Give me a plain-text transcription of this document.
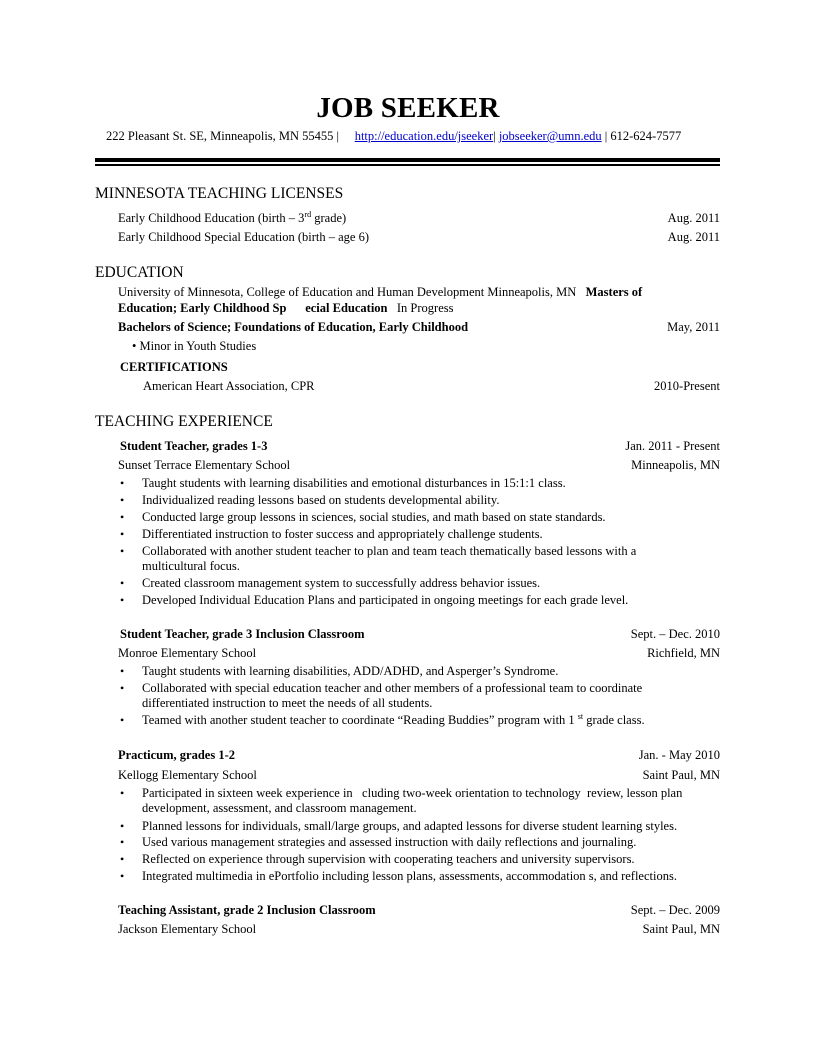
JOB SEEKER
222 Pleasant St. SE, Minneapolis, MN 55455 | http://education.edu/jseeker| jobseeker@umn.edu | 612-624-7577
MINNESOTA TEACHING LICENSES
Early Childhood Education (birth – 3rd grade)	Aug. 2011
Early Childhood Special Education (birth – age 6)	Aug. 2011
EDUCATION
University of Minnesota, College of Education and Human Development Minneapolis, MN Masters of
Education; Early Childhood Sp      ecial Education In Progress
Bachelors of Science; Foundations of Education, Early Childhood	May, 2011
• Minor in Youth Studies
CERTIFICATIONS
American Heart Association, CPR	2010-Present
TEACHING EXPERIENCE
Student Teacher, grades 1-3	Jan. 2011 - Present
Sunset Terrace Elementary School	Minneapolis, MN
• Taught students with learning disabilities and emotional disturbances in 15:1:1 class.
• Individualized reading lessons based on students developmental ability.
• Conducted large group lessons in sciences, social studies, and math based on state standards.
• Differentiated instruction to foster success and appropriately challenge students.
• Collaborated with another student teacher to plan and team teach thematically based lessons with a
multicultural focus.
• Created classroom management system to successfully address behavior issues.
• Developed Individual Education Plans and participated in ongoing meetings for each grade level.
Student Teacher, grade 3 Inclusion Classroom	Sept. – Dec. 2010
Monroe Elementary School	Richfield, MN
• Taught students with learning disabilities, ADD/ADHD, and Asperger’s Syndrome.
• Collaborated with special education teacher and other members of a professional team to coordinate
differentiated instruction to meet the needs of all students.
• Teamed with another student teacher to coordinate “Reading Buddies” program with 1 $^{st}$ grade class.
Practicum, grades 1-2	Jan. - May 2010
Kellogg Elementary School	Saint Paul, MN
• Participated in sixteen week experience in   cluding two-week orientation to technology  review, lesson plan
development, assessment, and classroom management.
• Planned lessons for individuals, small/large groups, and adapted lessons for diverse student learning styles.
• Used various management strategies and assessed instruction with daily reflections and journaling.
• Reflected on experience through supervision with cooperating teachers and university supervisors.
• Integrated multimedia in ePortfolio including lesson plans, assessments, accommodation s, and reflections.
Teaching Assistant, grade 2 Inclusion Classroom	Sept. – Dec. 2009
Jackson Elementary School	Saint Paul, MN
